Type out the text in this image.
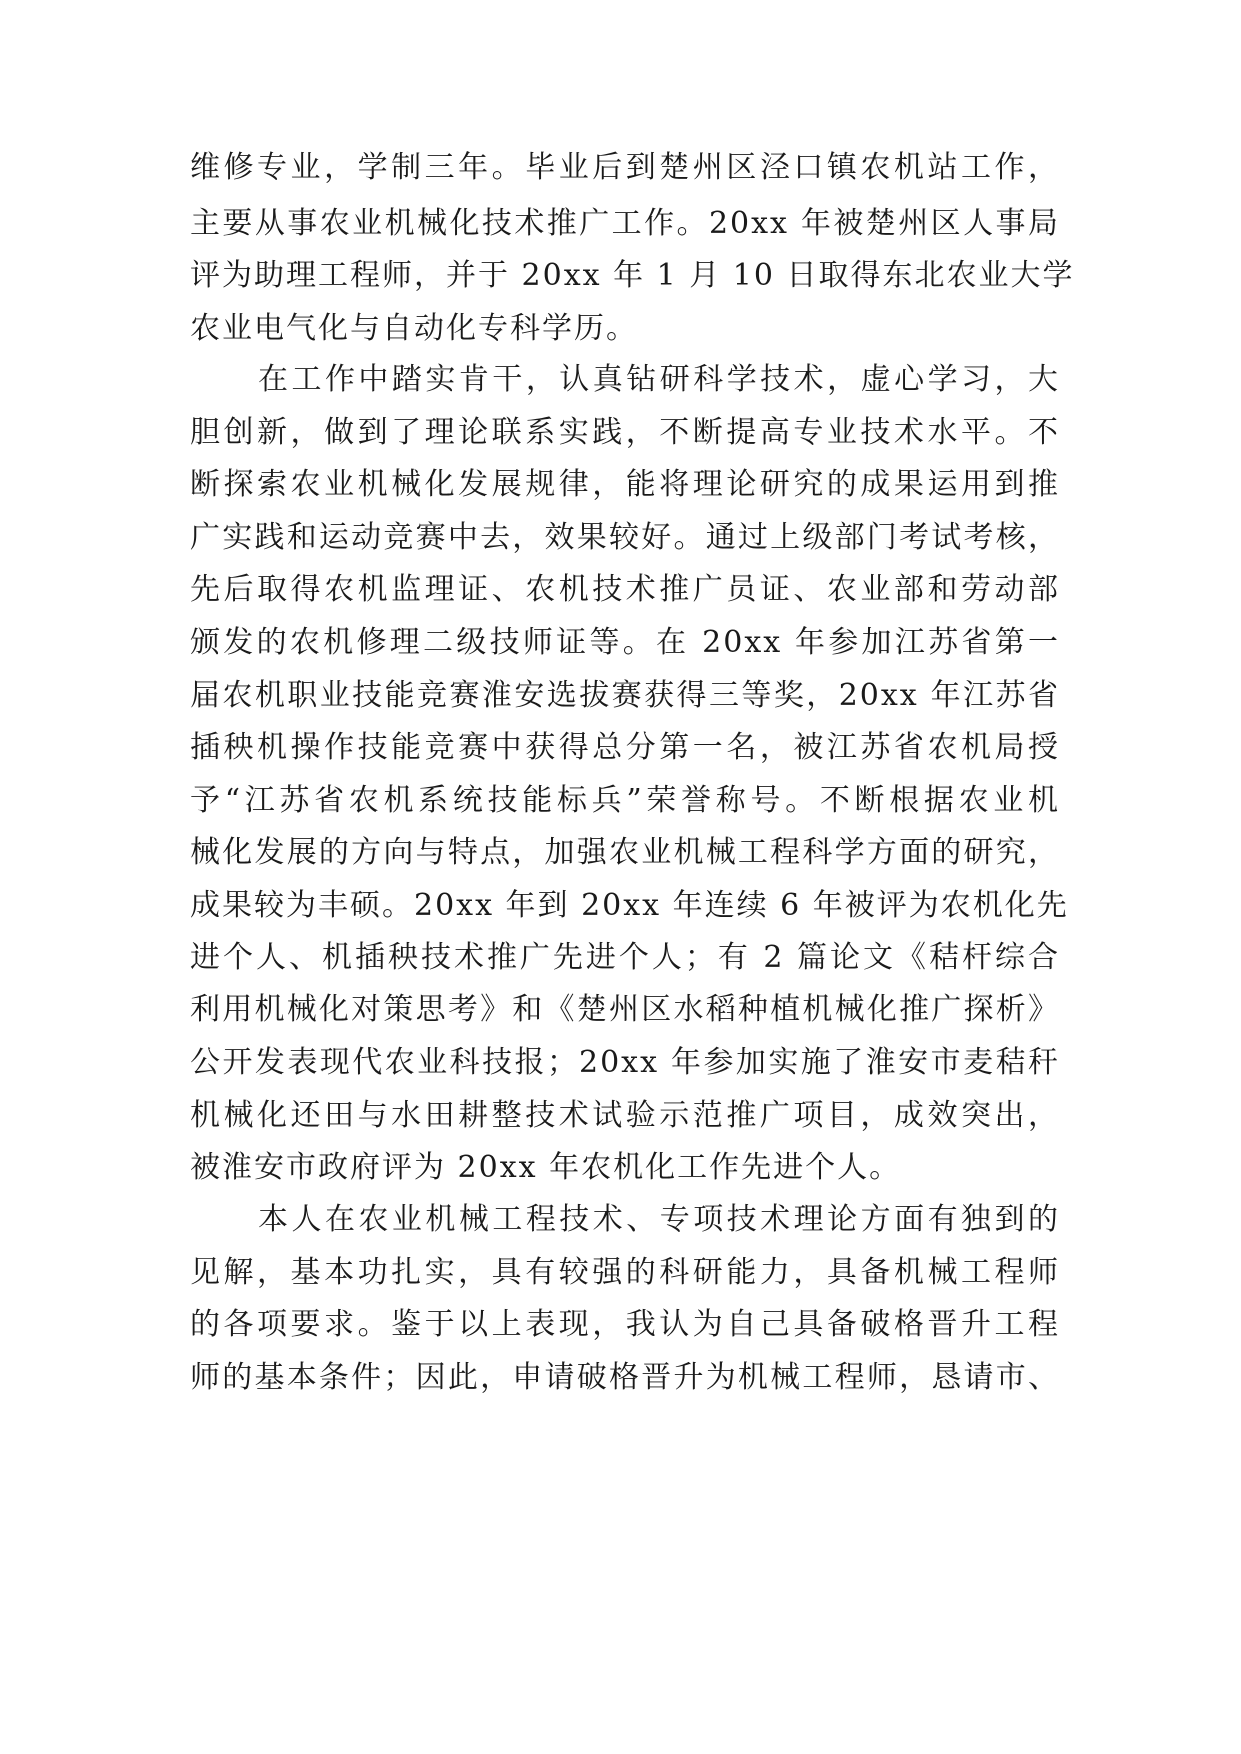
维修专业，学制三年。毕业后到楚州区泾口镇农机站工作，
主要从事农业机械化技术推广工作。20xx 年被楚州区人事局
评为助理工程师，并于 20xx 年 1 月 10 日取得东北农业大学
农业电气化与自动化专科学历。
在工作中踏实肯干，认真钻研科学技术，虚心学习，大
胆创新，做到了理论联系实践，不断提高专业技术水平。不
断探索农业机械化发展规律，能将理论研究的成果运用到推
广实践和运动竞赛中去，效果较好。通过上级部门考试考核，
先后取得农机监理证、农机技术推广员证、农业部和劳动部
颁发的农机修理二级技师证等。在 20xx 年参加江苏省第一
届农机职业技能竞赛淮安选拔赛获得三等奖，20xx 年江苏省
插秧机操作技能竞赛中获得总分第一名，被江苏省农机局授
予“江苏省农机系统技能标兵”荣誉称号。不断根据农业机
械化发展的方向与特点，加强农业机械工程科学方面的研究，
成果较为丰硕。20xx 年到 20xx 年连续 6 年被评为农机化先
进个人、机插秧技术推广先进个人；有 2 篇论文《秸杆综合
利用机械化对策思考》和《楚州区水稻种植机械化推广探析》
公开发表现代农业科技报；20xx 年参加实施了淮安市麦秸秆
机械化还田与水田耕整技术试验示范推广项目，成效突出，
被淮安市政府评为 20xx 年农机化工作先进个人。
本人在农业机械工程技术、专项技术理论方面有独到的
见解，基本功扎实，具有较强的科研能力，具备机械工程师
的各项要求。鉴于以上表现，我认为自己具备破格晋升工程
师的基本条件；因此，申请破格晋升为机械工程师，恳请市、
